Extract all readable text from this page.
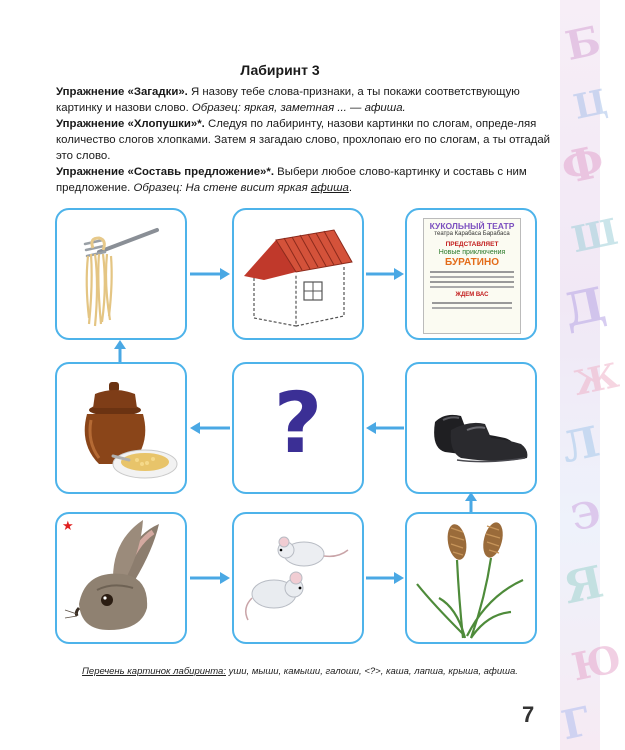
Б
Ц
Ф
Ш
Д
Ж
Л
Э
Я
Ю
Г
Лабиринт 3

Упражнение «Загадки». Я назову тебе слова-признаки, а ты покажи соответствующую картинку и назови слово. Образец: яркая, заметная ... — афиша.

Упражнение «Хлопушки»*. Следуя по лабиринту, назови картинки по слогам, опреде-ляя количество слогов хлопками. Затем я загадаю слово, прохлопаю его по слогам, а ты отгадай это слово.

Упражнение «Составь предложение»*. Выбери любое слово-картинку и составь с ним предложение. Образец: На стене висит яркая афиша.

КУКОЛЬНЫЙ ТЕАТР
театра Карабаса Барабаса
ПРЕДСТАВЛЯЕТ
Новые приключения
БУРАТИНО
ЖДЕМ ВАС
?
★
Перечень картинок лабиринта: уши, мыши, камыши, галоши, <?>, каша, лапша, крыша, афиша.
7
